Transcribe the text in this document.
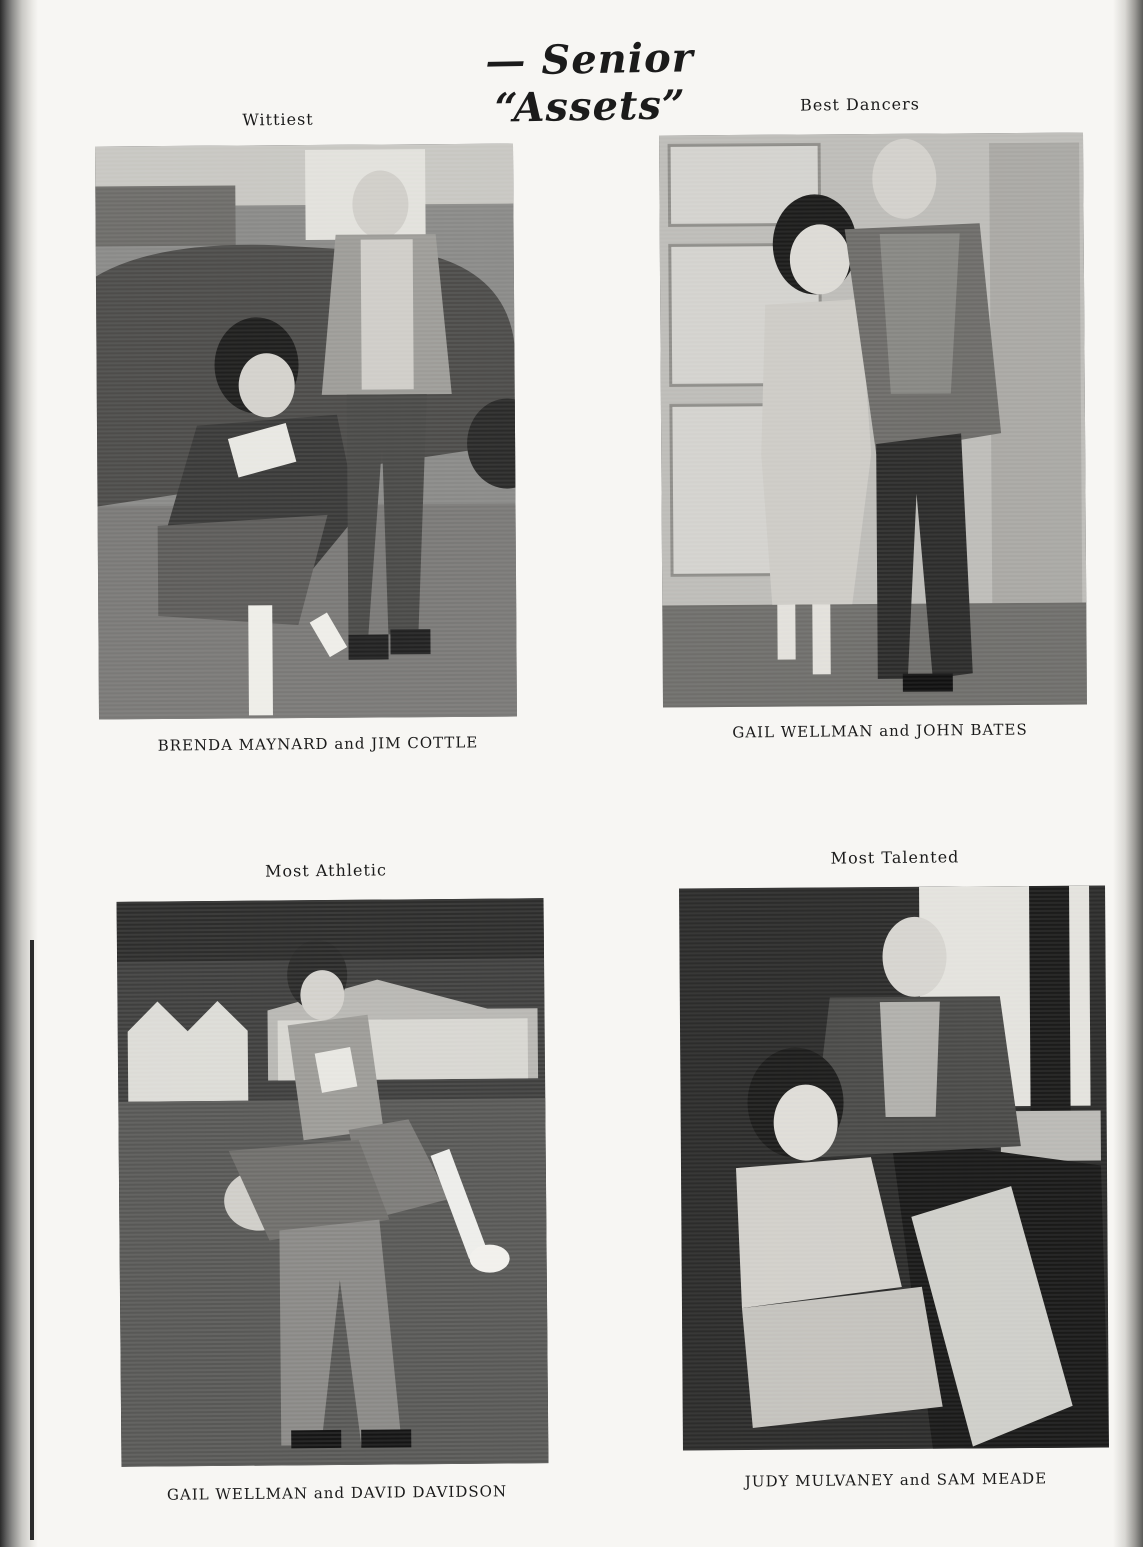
— Senior “Assets”
Wittiest
BRENDA MAYNARD and JIM COTTLE
Best Dancers
GAIL WELLMAN and JOHN BATES
Most Athletic
GAIL WELLMAN and DAVID DAVIDSON
Most Talented
JUDY MULVANEY and SAM MEADE
